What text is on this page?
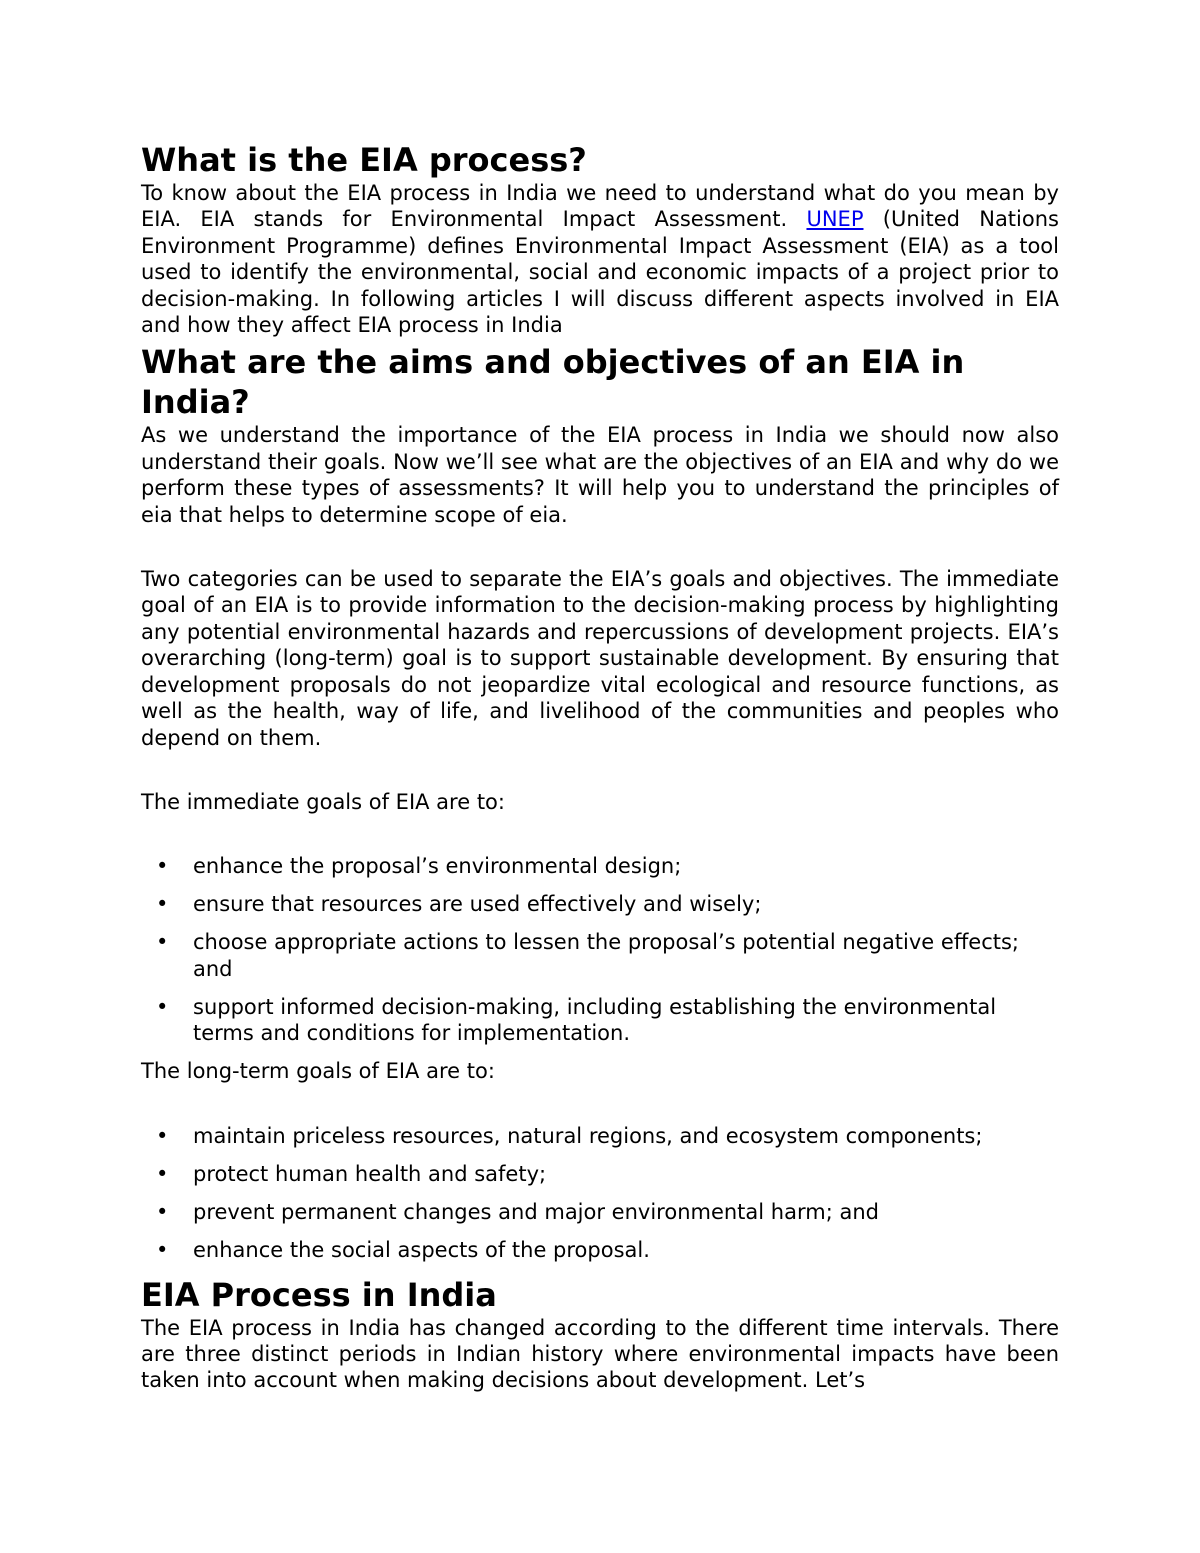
What is the EIA process?

To know about the EIA process in India we need to understand what do you mean by EIA. EIA stands for Environmental Impact Assessment. UNEP (United Nations Environment Programme) defines Environmental Impact Assessment (EIA) as a tool used to identify the environmental, social and economic impacts of a project prior to decision-making. In following articles I will discuss different aspects involved in EIA and how they affect EIA process in India

What are the aims and objectives of an EIA in India?

As we understand the importance of the EIA process in India we should now also understand their goals. Now we’ll see what are the objectives of an EIA and why do we perform these types of assessments? It will help you to understand the principles of eia that helps to determine scope of eia.

Two categories can be used to separate the EIA’s goals and objectives. The immediate goal of an EIA is to provide information to the decision-making process by highlighting any potential environmental hazards and repercussions of development projects. EIA’s overarching (long-term) goal is to support sustainable development. By ensuring that development proposals do not jeopardize vital ecological and resource functions, as well as the health, way of life, and livelihood of the communities and peoples who depend on them.

The immediate goals of EIA are to:

• enhance the proposal’s environmental design;
• ensure that resources are used effectively and wisely;
• choose appropriate actions to lessen the proposal’s potential negative effects; and
• support informed decision-making, including establishing the environmental terms and conditions for implementation.

The long-term goals of EIA are to:

• maintain priceless resources, natural regions, and ecosystem components;
• protect human health and safety;
• prevent permanent changes and major environmental harm; and
• enhance the social aspects of the proposal.
EIA Process in India

The EIA process in India has changed according to the different time intervals. There are three distinct periods in Indian history where environmental impacts have been taken into account when making decisions about development. Let’s
